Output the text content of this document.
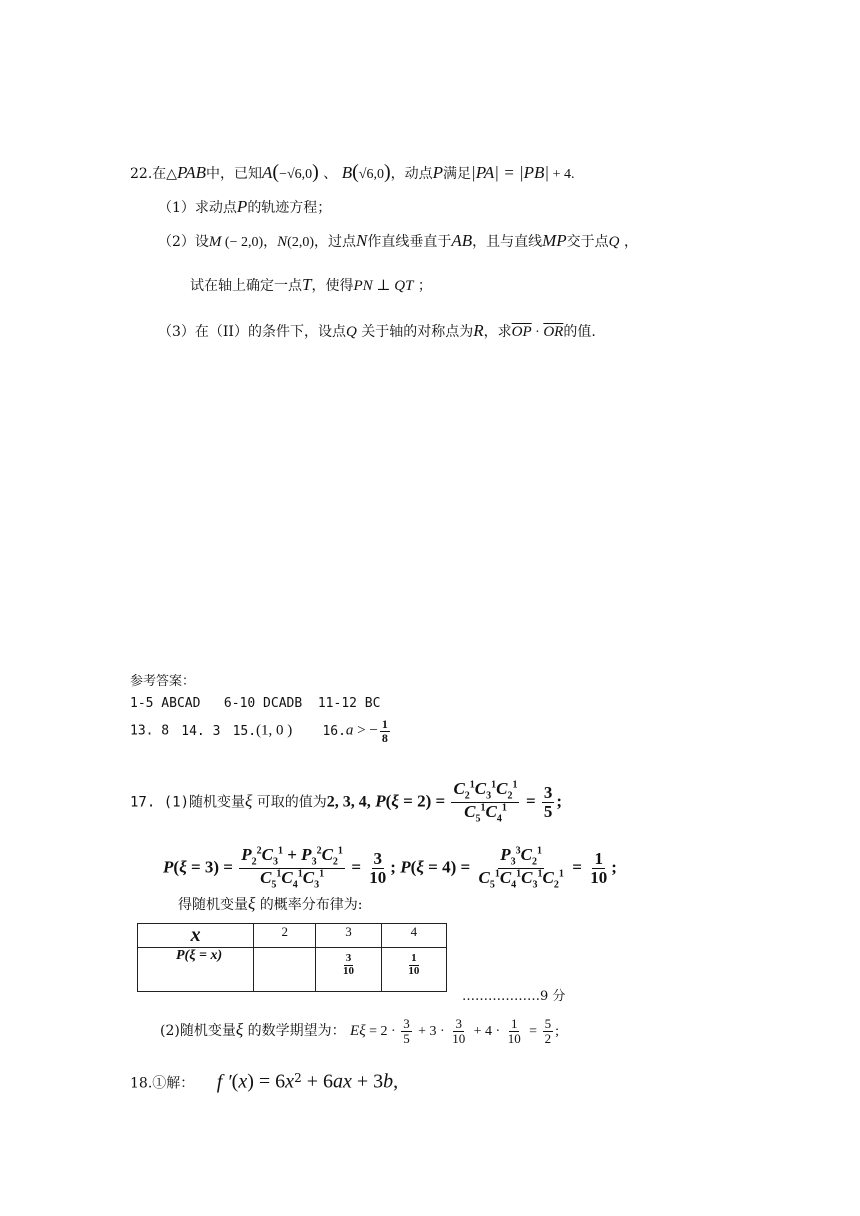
22.在△PAB中，已知A(−√6,0) 、 B(√6,0)，动点P满足|PA| = |PB| + 4.
（1）求动点P的轨迹方程；
（2）设M (− 2,0)，N(2,0)，过点N作直线垂直于AB，且与直线MP交于点Q ，
试在轴上确定一点T，使得PN ⊥ QT ；
（3）在（II）的条件下，设点Q 关于轴的对称点为R，求$\overline{OP} \cdot \overline{OR}$的值.
参考答案：
1-5 ABCAD   6-10 DCADB  11-12 BC
13. 8 14. 3 15.(1, 0 ) 16.a > − $\frac{1}{8}$
17. (1)随机变量ξ 可取的值为2, 3, 4, $P(\xi = 2) = \frac{C_2^1C_3^1C_2^1}{C_5^1C_4^1} = \frac{3}{5}$ ;
$P(\xi = 3) = \frac{P_2^2C_3^1 + P_3^2C_2^1}{C_5^1C_4^1C_3^1} = \frac{3}{10}$ ; $P(\xi = 4) = \frac{P_3^3C_2^1}{C_5^1C_4^1C_3^1C_2^1} = \frac{1}{10}$ ;
得随机变量ξ 的概率分布律为:
x	2	3	4
P(ξ = x)		$\frac{3}{10}$	$\frac{1}{10}$
………………9 分
(2)随机变量ξ 的数学期望为： $E\xi = 2 \cdot \frac{3}{5} + 3 \cdot \frac{3}{10} + 4 \cdot \frac{1}{10} = \frac{5}{2}$ ;
18.①解： f $'(x) = 6x^2 + 6ax + 3b$,
